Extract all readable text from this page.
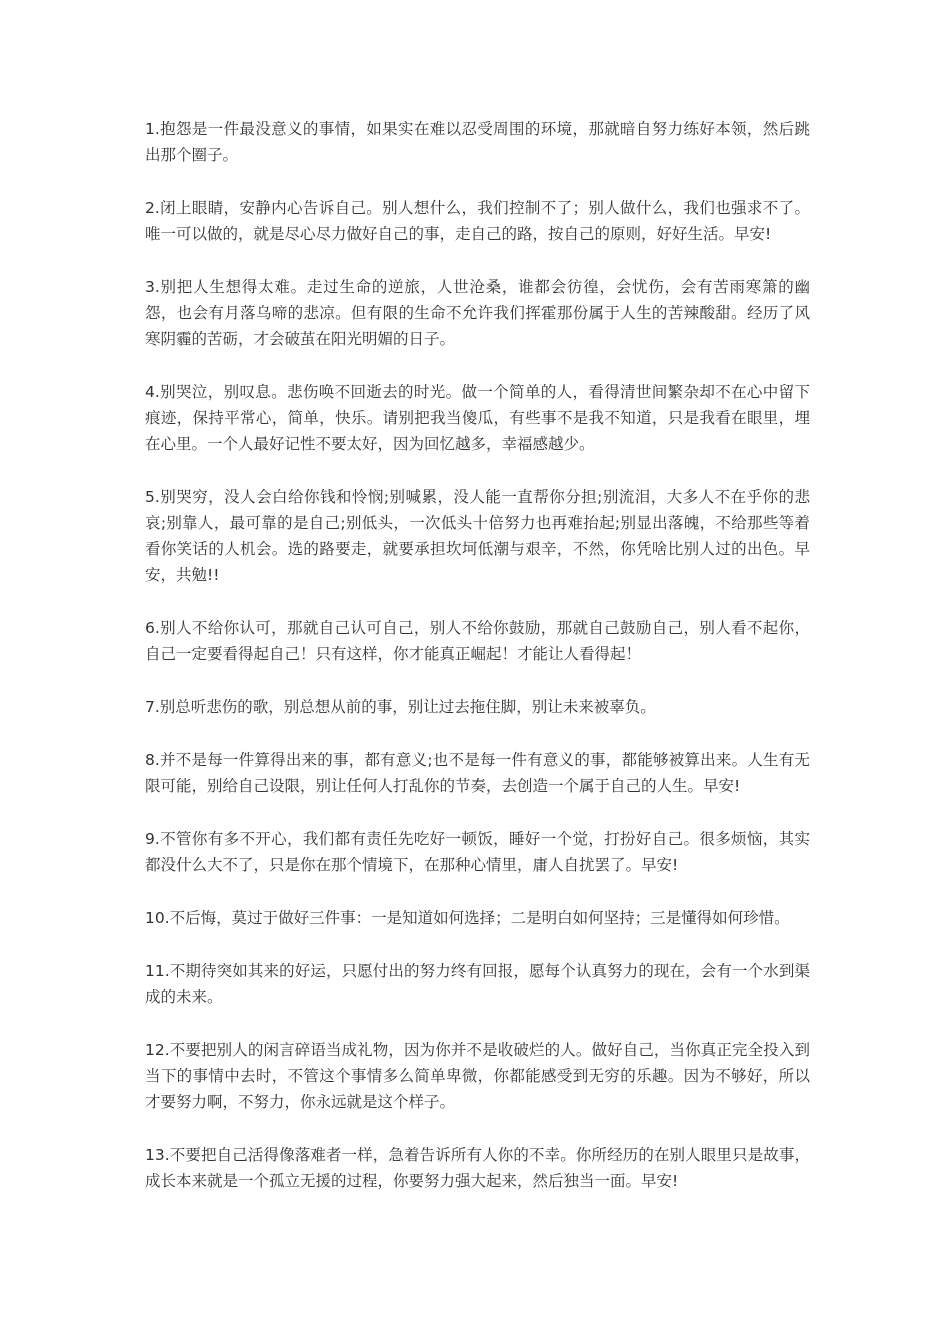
1.抱怨是一件最没意义的事情，如果实在难以忍受周围的环境，那就暗自努力练好本领，然后跳出那个圈子。

2.闭上眼睛，安静内心告诉自己。别人想什么，我们控制不了；别人做什么，我们也强求不了。唯一可以做的，就是尽心尽力做好自己的事，走自己的路，按自己的原则，好好生活。早安!

3.别把人生想得太难。走过生命的逆旅，人世沧桑，谁都会彷徨，会忧伤，会有苦雨寒箫的幽怨，也会有月落乌啼的悲凉。但有限的生命不允许我们挥霍那份属于人生的苦辣酸甜。经历了风寒阴霾的苦砺，才会破茧在阳光明媚的日子。

4.别哭泣，别叹息。悲伤唤不回逝去的时光。做一个简单的人，看得清世间繁杂却不在心中留下痕迹，保持平常心，简单，快乐。请别把我当傻瓜，有些事不是我不知道，只是我看在眼里，埋在心里。一个人最好记性不要太好，因为回忆越多，幸福感越少。

5.别哭穷，没人会白给你钱和怜悯;别喊累，没人能一直帮你分担;别流泪，大多人不在乎你的悲哀;别靠人，最可靠的是自己;别低头，一次低头十倍努力也再难抬起;别显出落魄，不给那些等着看你笑话的人机会。选的路要走，就要承担坎坷低潮与艰辛，不然，你凭啥比别人过的出色。早安，共勉!!

6.别人不给你认可，那就自己认可自己，别人不给你鼓励，那就自己鼓励自己，别人看不起你，自己一定要看得起自己！只有这样，你才能真正崛起！才能让人看得起！

7.别总听悲伤的歌，别总想从前的事，别让过去拖住脚，别让未来被辜负。

8.并不是每一件算得出来的事，都有意义;也不是每一件有意义的事，都能够被算出来。人生有无限可能，别给自己设限，别让任何人打乱你的节奏，去创造一个属于自己的人生。早安!

9.不管你有多不开心，我们都有责任先吃好一顿饭，睡好一个觉，打扮好自己。很多烦恼，其实都没什么大不了，只是你在那个情境下，在那种心情里，庸人自扰罢了。早安!

10.不后悔，莫过于做好三件事：一是知道如何选择；二是明白如何坚持；三是懂得如何珍惜。

11.不期待突如其来的好运，只愿付出的努力终有回报，愿每个认真努力的现在，会有一个水到渠成的未来。

12.不要把别人的闲言碎语当成礼物，因为你并不是收破烂的人。做好自己，当你真正完全投入到当下的事情中去时，不管这个事情多么简单卑微，你都能感受到无穷的乐趣。因为不够好，所以才要努力啊，不努力，你永远就是这个样子。

13.不要把自己活得像落难者一样，急着告诉所有人你的不幸。你所经历的在别人眼里只是故事，成长本来就是一个孤立无援的过程，你要努力强大起来，然后独当一面。早安!
